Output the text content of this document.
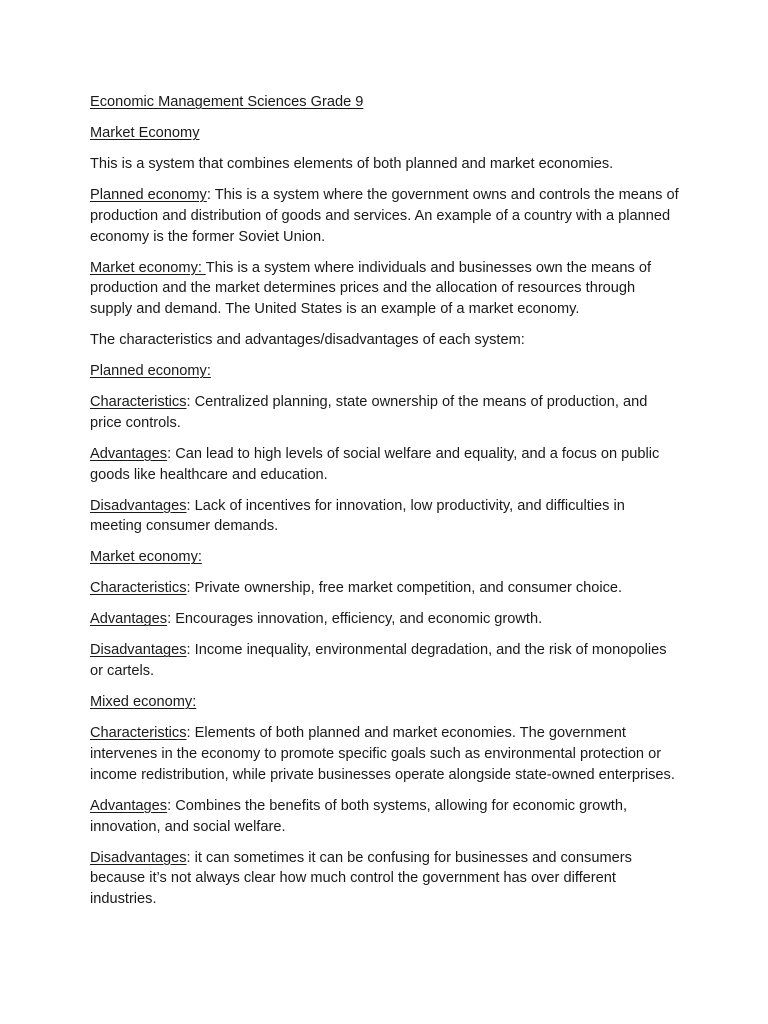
Economic Management Sciences Grade 9

Market Economy

This is a system that combines elements of both planned and market economies.

Planned economy: This is a system where the government owns and controls the means of production and distribution of goods and services. An example of a country with a planned economy is the former Soviet Union.

Market economy: This is a system where individuals and businesses own the means of production and the market determines prices and the allocation of resources through supply and demand. The United States is an example of a market economy.

The characteristics and advantages/disadvantages of each system:

Planned economy:

Characteristics: Centralized planning, state ownership of the means of production, and price controls.

Advantages: Can lead to high levels of social welfare and equality, and a focus on public goods like healthcare and education.

Disadvantages: Lack of incentives for innovation, low productivity, and difficulties in meeting consumer demands.

Market economy:

Characteristics: Private ownership, free market competition, and consumer choice.

Advantages: Encourages innovation, efficiency, and economic growth.

Disadvantages: Income inequality, environmental degradation, and the risk of monopolies or cartels.

Mixed economy:

Characteristics: Elements of both planned and market economies. The government intervenes in the economy to promote specific goals such as environmental protection or income redistribution, while private businesses operate alongside state-owned enterprises.

Advantages: Combines the benefits of both systems, allowing for economic growth, innovation, and social welfare.

Disadvantages: it can sometimes it can be confusing for businesses and consumers because it’s not always clear how much control the government has over different industries.
